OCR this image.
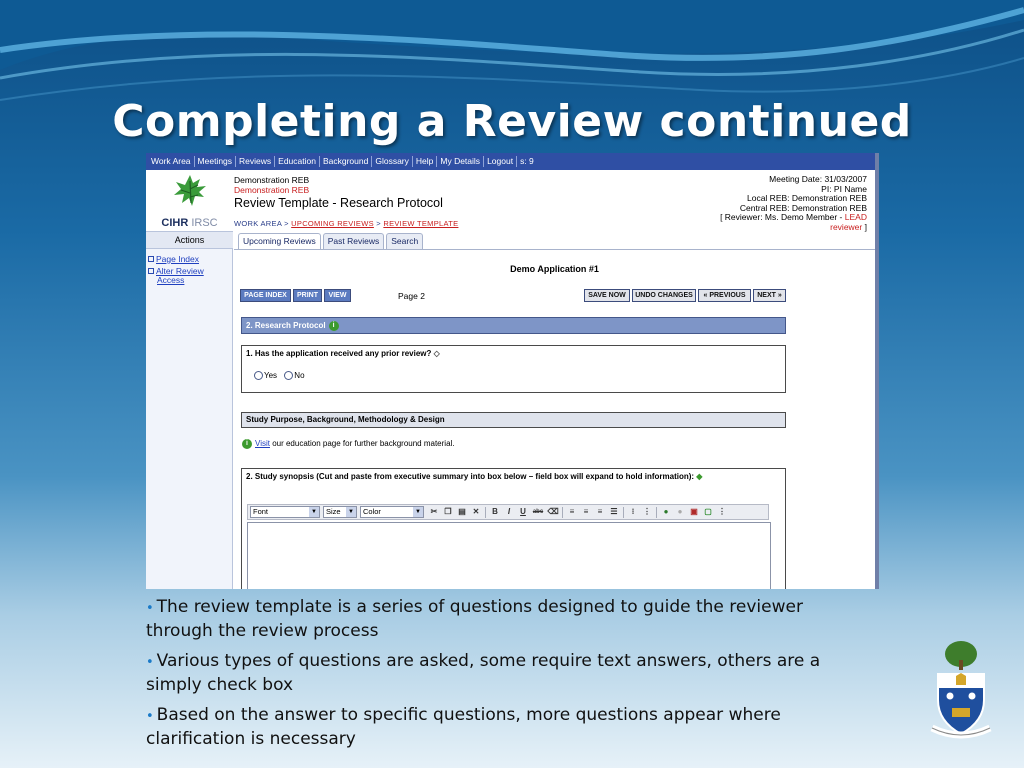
Completing a Review continued
Work Area Meetings Reviews Education Background Glossary Help My Details Logout s: 9
CIHR IRSC
Actions
Page Index
Alter Review
Access
Demonstration REB
Demonstration REB
Review Template - Research Protocol
WORK AREA > UPCOMING REVIEWS > REVIEW TEMPLATE
Meeting Date: 31/03/2007
PI: PI Name
Local REB: Demonstration REB
Central REB: Demonstration REB
[ Reviewer: Ms. Demo Member - LEAD
reviewer ]
Upcoming Reviews	Past Reviews	Search
Demo Application #1
PAGE INDEX	PRINT	VIEW	Page 2	SAVE NOW	UNDO CHANGES	« PREVIOUS	NEXT »
2. Research Protocol i
1. Has the application received any prior review? ◇
Yes No
Study Purpose, Background, Methodology & Design
i Visit our education page for further background material.
2. Study synopsis (Cut and paste from executive summary into box below – field box will expand to hold information): ◆
Font	▼	Size	▼	Color	▼	✂ ❐ ▤ ✕	B	I	U	abc ⌫	≡	≡	≡	☰	⁝	⋮	●	● ▣ ▢ ⋮
• The review template is a series of questions designed to guide the reviewer through the review process
• Various types of questions are asked, some require text answers, others are a simply check box
• Based on the answer to specific questions, more questions appear where clarification is necessary
